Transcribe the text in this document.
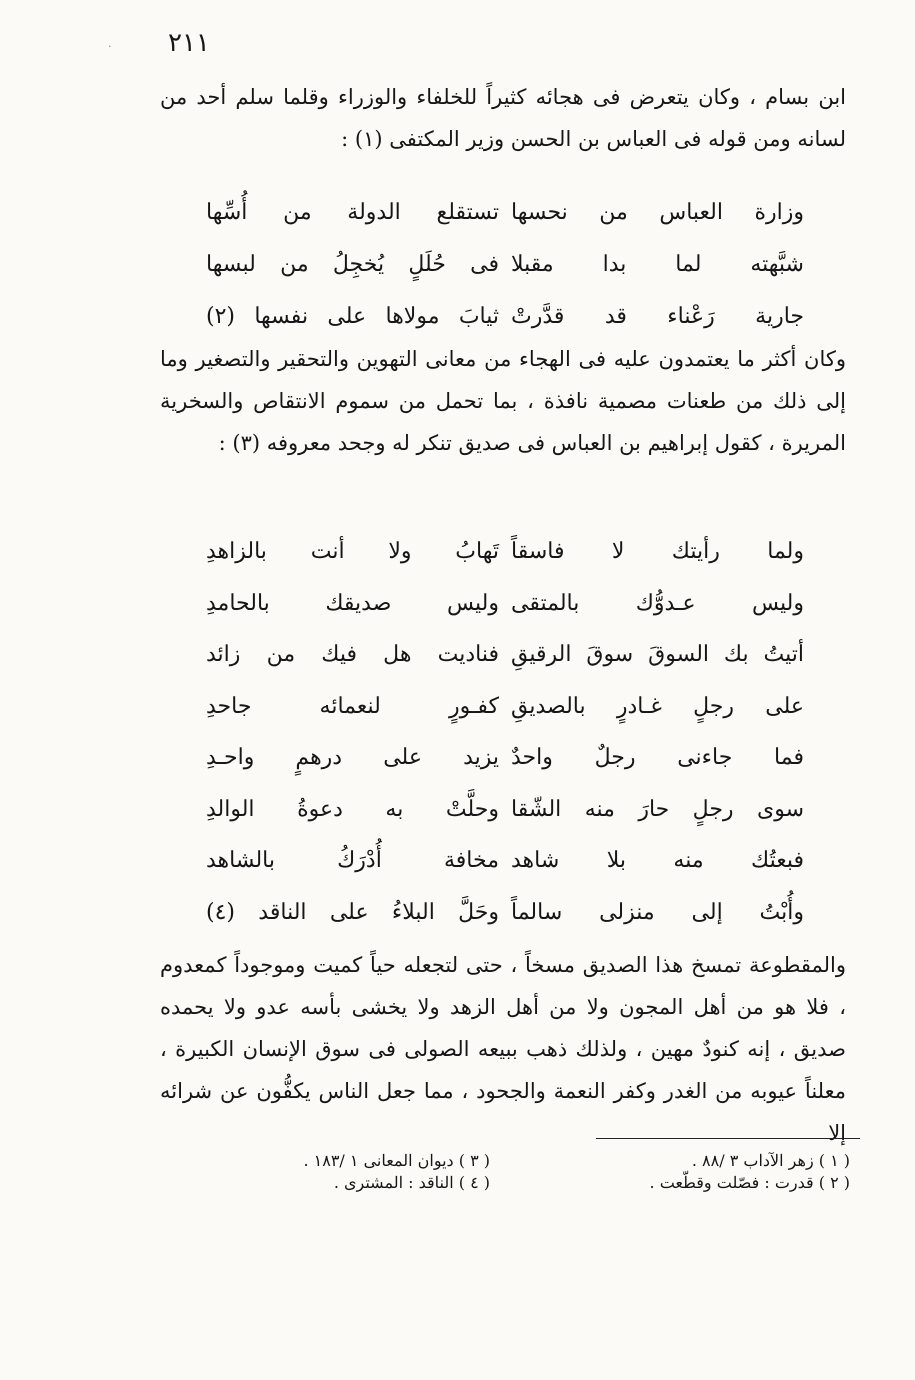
· ٢١١
ابن بسام ، وكان يتعرض فى هجائه كثيراً للخلفاء والوزراء وقلما سلم أحد من لسانه ومن قوله فى العباس بن الحسن وزير المكتفى (١) :
وزارة العباس من نحسها
تستقلع الدولة من أُسِّها
شبَّهته لما بدا مقبلا
فى حُلَلٍ يُخجِلُ من لبسها
جارية رَعْناء قد قدَّرتْ
ثيابَ مولاها على نفسها (٢)
وكان أكثر ما يعتمدون عليه فى الهجاء من معانى التهوين والتحقير والتصغير وما إلى ذلك من طعنات مصمية نافذة ، بما تحمل من سموم الانتقاص والسخرية المريرة ، كقول إبراهيم بن العباس فى صديق تنكر له وجحد معروفه (٣) :
ولما رأيتك لا فاسقاً
تَهابُ ولا أنت بالزاهدِ
وليس عـدوُّك بالمتقى
وليس صديقك بالحامدِ
أتيتُ بك السوقَ سوقَ الرقيقِ
فناديت هل فيك من زائد
على رجلٍ غـادرٍ بالصديقِ
كفـورٍ لنعمائه جاحدِ
فما جاءنى رجلٌ واحدٌ
يزيد على درهمٍ واحـدِ
سوى رجلٍ حارَ منه الشّقا
وحلَّتْ به دعوةُ الوالدِ
فبعتُك منه بلا شاهد
مخافة أُدْرَكُ بالشاهد
وأُبْتُ إلى منزلى سالماً
وحَلَّ البلاءُ على الناقد (٤)
والمقطوعة تمسخ هذا الصديق مسخاً ، حتى لتجعله حياً كميت وموجوداً كمعدوم ، فلا هو من أهل المجون ولا من أهل الزهد ولا يخشى بأسه عدو ولا يحمده صديق ، إنه كنودٌ مهين ، ولذلك ذهب ببيعه الصولى فى سوق الإنسان الكبيرة ، معلناً عيوبه من الغدر وكفر النعمة والجحود ، مما جعل الناس يكفُّون عن شرائه إلا
( ١ ) زهر الآداب ٣ /٨٨ .
( ٢ ) قدرت : فصّلت وقطّعت .
( ٣ ) ديوان المعانى ١ /١٨٣ .
( ٤ ) الناقد : المشترى .
